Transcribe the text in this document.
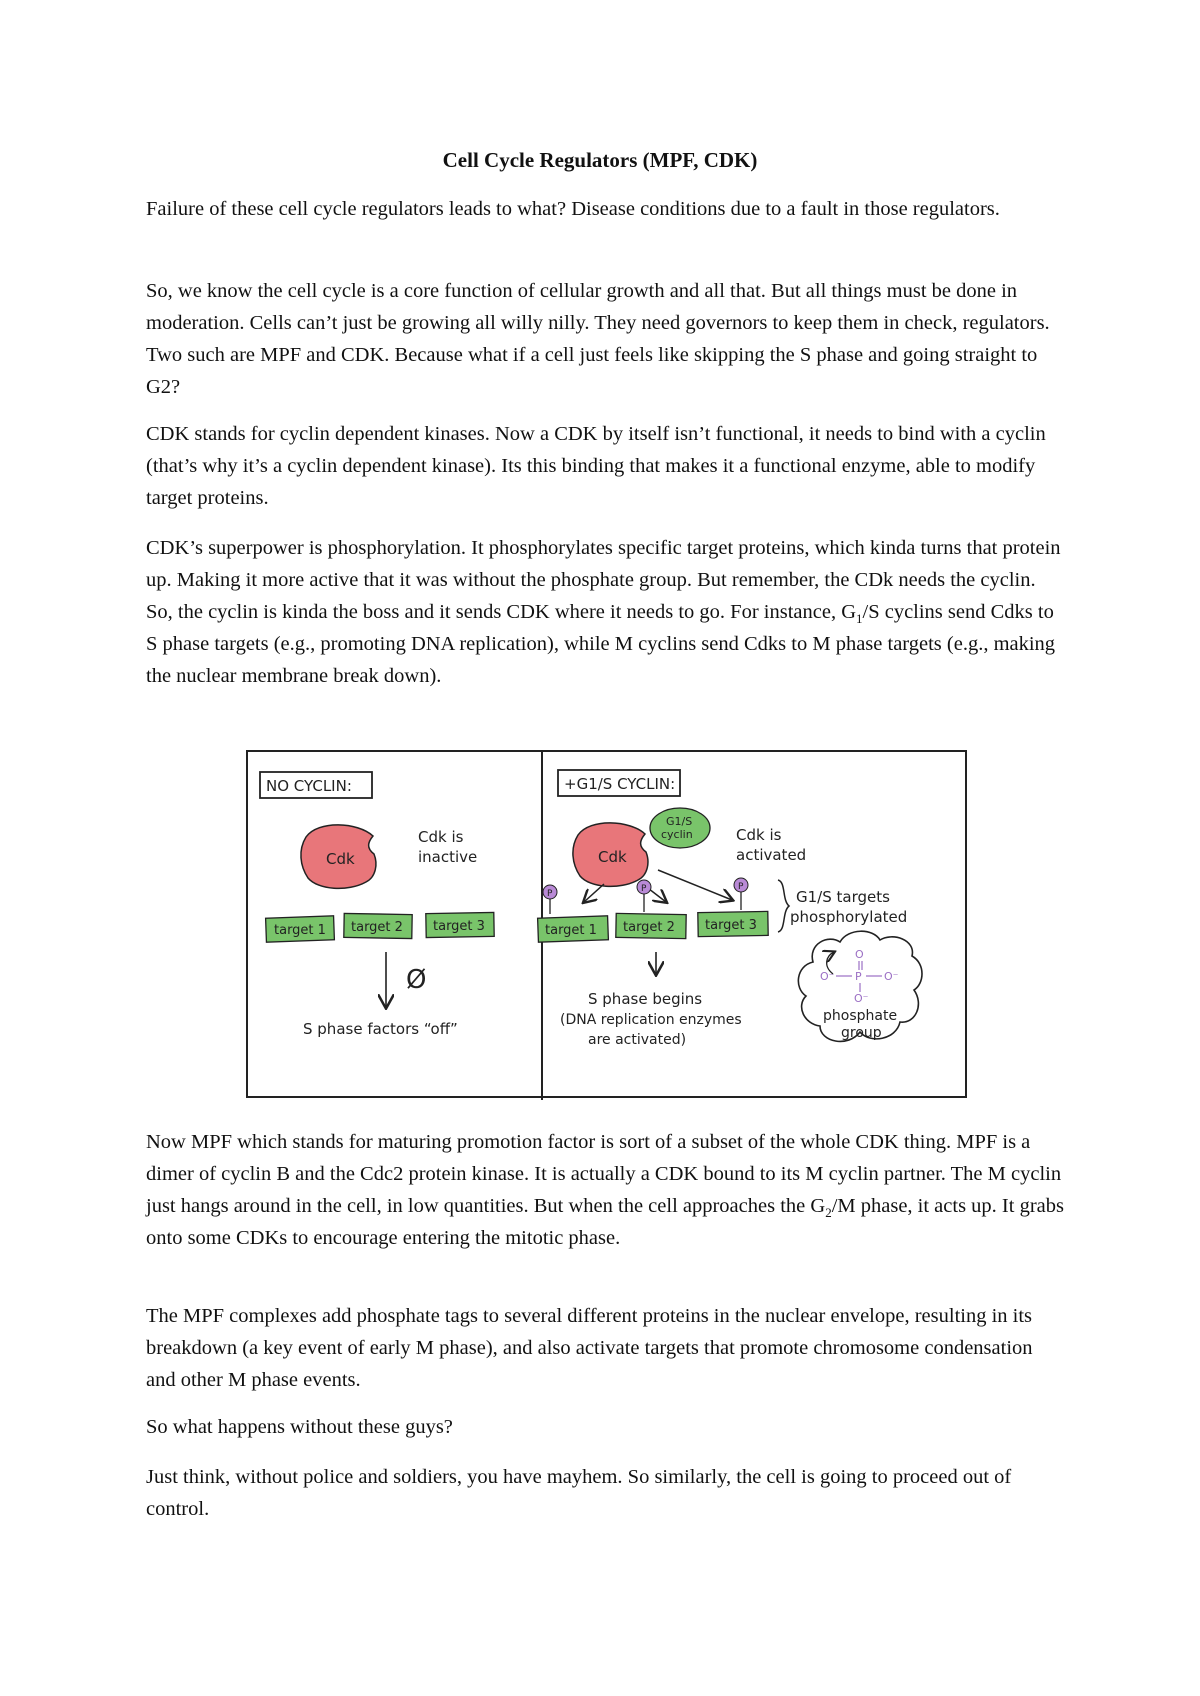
Cell Cycle Regulators (MPF, CDK)

Failure of these cell cycle regulators leads to what? Disease conditions due to a fault in those regulators.

So, we know the cell cycle is a core function of cellular growth and all that. But all things must be done in moderation. Cells can’t just be growing all willy nilly. They need governors to keep them in check, regulators. Two such are MPF and CDK. Because what if a cell just feels like skipping the S phase and going straight to G2?

CDK stands for cyclin dependent kinases. Now a CDK by itself isn’t functional, it needs to bind with a cyclin (that’s why it’s a cyclin dependent kinase). Its this binding that makes it a functional enzyme, able to modify target proteins.

CDK’s superpower is phosphorylation. It phosphorylates specific target proteins, which kinda turns that protein up. Making it more active that it was without the phosphate group. But remember, the CDk needs the cyclin. So, the cyclin is kinda the boss and it sends CDK where it needs to go. For instance, $G_1/S$ cyclins send Cdks to S phase targets (e.g., promoting DNA replication), while M cyclins send Cdks to M phase targets (e.g., making the nuclear membrane break down).

NO CYCLIN:
Cdk
Cdk is
inactive
target 1 target 2 target 3
Ø
S phase factors “off”
+G1/S CYCLIN:
Cdk
G1/S
cyclin	Cdk is
activated
P	P	P
target 1 target 2 target 3
G1/S targets
phosphorylated
S phase begins
(DNA replication enzymes
are activated)
O
O⁻ P O⁻
O⁻
phosphate
group

Now MPF which stands for maturing promotion factor is sort of a subset of the whole CDK thing. MPF is a dimer of cyclin B and the Cdc2 protein kinase. It is actually a CDK bound to its M cyclin partner. The M cyclin just hangs around in the cell, in low quantities. But when the cell approaches the $G_2/M$ phase, it acts up. It grabs onto some CDKs to encourage entering the mitotic phase.

The MPF complexes add phosphate tags to several different proteins in the nuclear envelope, resulting in its breakdown (a key event of early M phase), and also activate targets that promote chromosome condensation and other M phase events.

So what happens without these guys?

Just think, without police and soldiers, you have mayhem. So similarly, the cell is going to proceed out of control.
